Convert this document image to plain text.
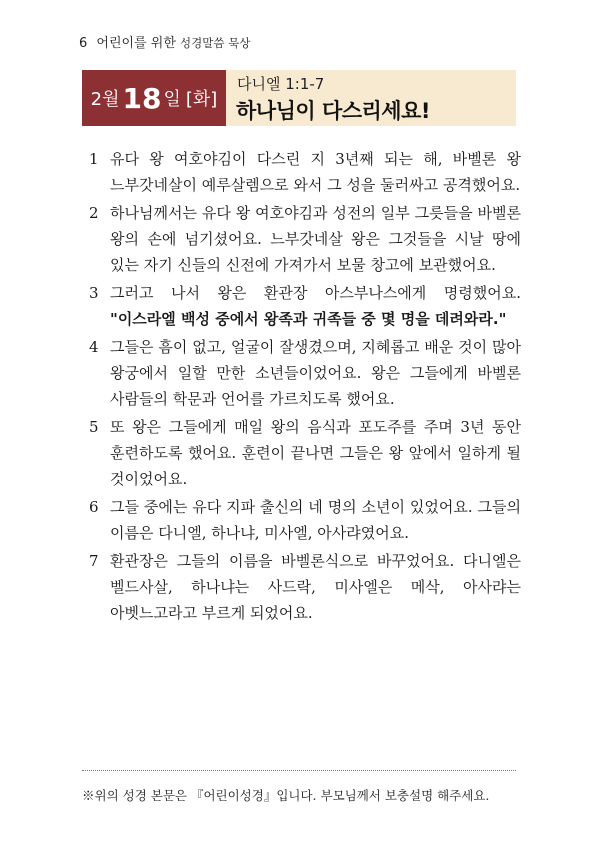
6 어린이를 위한 성경말씀 묵상
2월 18 일 [화]
다니엘 1:1-7
하나님이 다스리세요!

1 유다 왕 여호야김이 다스린 지 3년째 되는 해, 바벨론 왕 느부갓네살이 예루살렘으로 와서 그 성을 둘러싸고 공격했어요.

2 하나님께서는 유다 왕 여호야김과 성전의 일부 그릇들을 바벨론 왕의 손에 넘기셨어요. 느부갓네살 왕은 그것들을 시날 땅에 있는 자기 신들의 신전에 가져가서 보물 창고에 보관했어요.

3 그러고 나서 왕은 환관장 아스부나스에게 명령했어요. "이스라엘 백성 중에서 왕족과 귀족들 중 몇 명을 데려와라."

4 그들은 흠이 없고, 얼굴이 잘생겼으며, 지혜롭고 배운 것이 많아 왕궁에서 일할 만한 소년들이었어요. 왕은 그들에게 바벨론 사람들의 학문과 언어를 가르치도록 했어요.

5 또 왕은 그들에게 매일 왕의 음식과 포도주를 주며 3년 동안 훈련하도록 했어요. 훈련이 끝나면 그들은 왕 앞에서 일하게 될 것이었어요.

6 그들 중에는 유다 지파 출신의 네 명의 소년이 있었어요. 그들의 이름은 다니엘, 하나냐, 미사엘, 아사랴였어요.

7 환관장은 그들의 이름을 바벨론식으로 바꾸었어요. 다니엘은 벨드사살, 하나냐는 사드락, 미사엘은 메삭, 아사랴는 아벳느고라고 부르게 되었어요.

※위의 성경 본문은 『어린이성경』입니다. 부모님께서 보충설명 해주세요.
